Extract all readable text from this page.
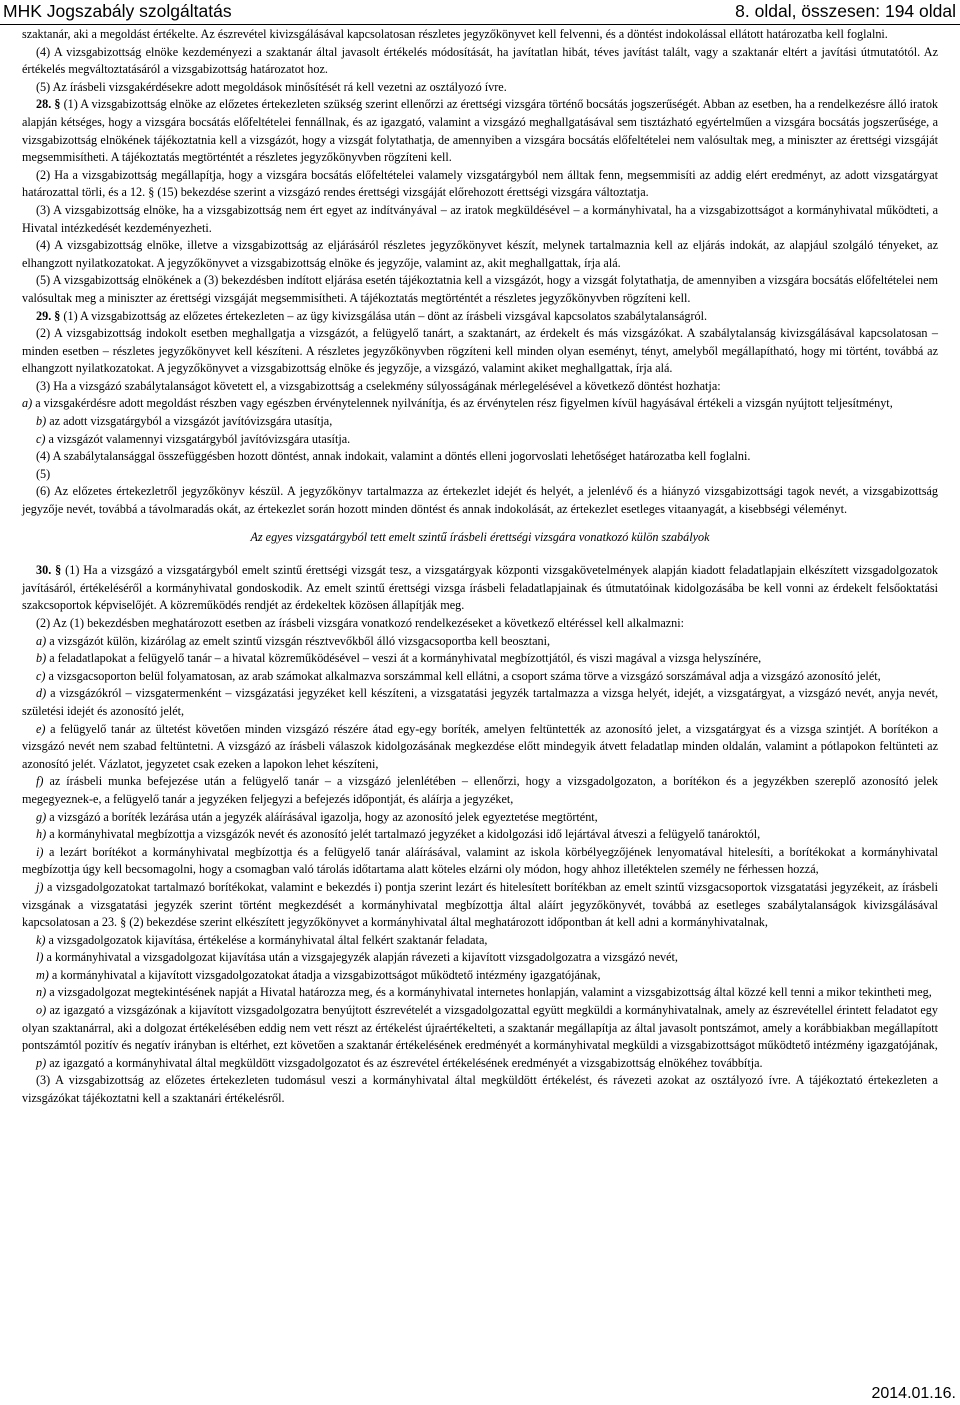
MHK Jogszabály szolgáltatás	8. oldal, összesen: 194 oldal

szaktanár, aki a megoldást értékelte. Az észrevétel kivizsgálásával kapcsolatosan részletes jegyzőkönyvet kell felvenni, és a döntést indokolással ellátott határozatba kell foglalni.

(4) A vizsgabizottság elnöke kezdeményezi a szaktanár által javasolt értékelés módosítását, ha javítatlan hibát, téves javítást talált, vagy a szaktanár eltért a javítási útmutatótól. Az értékelés megváltoztatásáról a vizsgabizottság határozatot hoz.

(5) Az írásbeli vizsgakérdésekre adott megoldások minősítését rá kell vezetni az osztályozó ívre.

28. § (1) A vizsgabizottság elnöke az előzetes értekezleten szükség szerint ellenőrzi az érettségi vizsgára történő bocsátás jogszerűségét. Abban az esetben, ha a rendelkezésre álló iratok alapján kétséges, hogy a vizsgára bocsátás előfeltételei fennállnak, és az igazgató, valamint a vizsgázó meghallgatásával sem tisztázható egyértelműen a vizsgára bocsátás jogszerűsége, a vizsgabizottság elnökének tájékoztatnia kell a vizsgázót, hogy a vizsgát folytathatja, de amennyiben a vizsgára bocsátás előfeltételei nem valósultak meg, a miniszter az érettségi vizsgáját megsemmisítheti. A tájékoztatás megtörténtét a részletes jegyzőkönyvben rögzíteni kell.

(2) Ha a vizsgabizottság megállapítja, hogy a vizsgára bocsátás előfeltételei valamely vizsgatárgyból nem álltak fenn, megsemmisíti az addig elért eredményt, az adott vizsgatárgyat határozattal törli, és a 12. § (15) bekezdése szerint a vizsgázó rendes érettségi vizsgáját előrehozott érettségi vizsgára változtatja.

(3) A vizsgabizottság elnöke, ha a vizsgabizottság nem ért egyet az indítványával – az iratok megküldésével – a kormányhivatal, ha a vizsgabizottságot a kormányhivatal működteti, a Hivatal intézkedését kezdeményezheti.

(4) A vizsgabizottság elnöke, illetve a vizsgabizottság az eljárásáról részletes jegyzőkönyvet készít, melynek tartalmaznia kell az eljárás indokát, az alapjául szolgáló tényeket, az elhangzott nyilatkozatokat. A jegyzőkönyvet a vizsgabizottság elnöke és jegyzője, valamint az, akit meghallgattak, írja alá.

(5) A vizsgabizottság elnökének a (3) bekezdésben indított eljárása esetén tájékoztatnia kell a vizsgázót, hogy a vizsgát folytathatja, de amennyiben a vizsgára bocsátás előfeltételei nem valósultak meg a miniszter az érettségi vizsgáját megsemmisítheti. A tájékoztatás megtörténtét a részletes jegyzőkönyvben rögzíteni kell.

29. § (1) A vizsgabizottság az előzetes értekezleten – az ügy kivizsgálása után – dönt az írásbeli vizsgával kapcsolatos szabálytalanságról.

(2) A vizsgabizottság indokolt esetben meghallgatja a vizsgázót, a felügyelő tanárt, a szaktanárt, az érdekelt és más vizsgázókat. A szabálytalanság kivizsgálásával kapcsolatosan – minden esetben – részletes jegyzőkönyvet kell készíteni. A részletes jegyzőkönyvben rögzíteni kell minden olyan eseményt, tényt, amelyből megállapítható, hogy mi történt, továbbá az elhangzott nyilatkozatokat. A jegyzőkönyvet a vizsgabizottság elnöke és jegyzője, a vizsgázó, valamint akiket meghallgattak, írja alá.

(3) Ha a vizsgázó szabálytalanságot követett el, a vizsgabizottság a cselekmény súlyosságának mérlegelésével a következő döntést hozhatja:

a) a vizsgakérdésre adott megoldást részben vagy egészben érvénytelennek nyilvánítja, és az érvénytelen rész figyelmen kívül hagyásával értékeli a vizsgán nyújtott teljesítményt,

b) az adott vizsgatárgyból a vizsgázót javítóvizsgára utasítja,

c) a vizsgázót valamennyi vizsgatárgyból javítóvizsgára utasítja.

(4) A szabálytalansággal összefüggésben hozott döntést, annak indokait, valamint a döntés elleni jogorvoslati lehetőséget határozatba kell foglalni.

(5)

(6) Az előzetes értekezletről jegyzőkönyv készül. A jegyzőkönyv tartalmazza az értekezlet idejét és helyét, a jelenlévő és a hiányzó vizsgabizottsági tagok nevét, a vizsgabizottság jegyzője nevét, továbbá a távolmaradás okát, az értekezlet során hozott minden döntést és annak indokolását, az értekezlet esetleges vitaanyagát, a kisebbségi véleményt.

Az egyes vizsgatárgyból tett emelt szintű írásbeli érettségi vizsgára vonatkozó külön szabályok

30. § (1) Ha a vizsgázó a vizsgatárgyból emelt szintű érettségi vizsgát tesz, a vizsgatárgyak központi vizsgakövetelmények alapján kiadott feladatlapjain elkészített vizsgadolgozatok javításáról, értékeléséről a kormányhivatal gondoskodik. Az emelt szintű érettségi vizsga írásbeli feladatlapjainak és útmutatóinak kidolgozásába be kell vonni az érdekelt felsőoktatási szakcsoportok képviselőjét. A közreműködés rendjét az érdekeltek közösen állapítják meg.

(2) Az (1) bekezdésben meghatározott esetben az írásbeli vizsgára vonatkozó rendelkezéseket a következő eltéréssel kell alkalmazni:

a) a vizsgázót külön, kizárólag az emelt szintű vizsgán résztvevőkből álló vizsgacsoportba kell beosztani,

b) a feladatlapokat a felügyelő tanár – a hivatal közreműködésével – veszi át a kormányhivatal megbízottjától, és viszi magával a vizsga helyszínére,

c) a vizsgacsoporton belül folyamatosan, az arab számokat alkalmazva sorszámmal kell ellátni, a csoport száma törve a vizsgázó sorszámával adja a vizsgázó azonosító jelét,

d) a vizsgázókról – vizsgatermenként – vizsgázatási jegyzéket kell készíteni, a vizsgatatási jegyzék tartalmazza a vizsga helyét, idejét, a vizsgatárgyat, a vizsgázó nevét, anyja nevét, születési idejét és azonosító jelét,

e) a felügyelő tanár az ültetést követően minden vizsgázó részére átad egy-egy boríték, amelyen feltüntették az azonosító jelet, a vizsgatárgyat és a vizsga szintjét. A borítékon a vizsgázó nevét nem szabad feltüntetni. A vizsgázó az írásbeli válaszok kidolgozásának megkezdése előtt mindegyik átvett feladatlap minden oldalán, valamint a pótlapokon feltünteti az azonosító jelét. Vázlatot, jegyzetet csak ezeken a lapokon lehet készíteni,

f) az írásbeli munka befejezése után a felügyelő tanár – a vizsgázó jelenlétében – ellenőrzi, hogy a vizsgadolgozaton, a borítékon és a jegyzékben szereplő azonosító jelek megegyeznek-e, a felügyelő tanár a jegyzéken feljegyzi a befejezés időpontját, és aláírja a jegyzéket,

g) a vizsgázó a boríték lezárása után a jegyzék aláírásával igazolja, hogy az azonosító jelek egyeztetése megtörtént,

h) a kormányhivatal megbízottja a vizsgázók nevét és azonosító jelét tartalmazó jegyzéket a kidolgozási idő lejártával átveszi a felügyelő tanároktól,

i) a lezárt borítékot a kormányhivatal megbízottja és a felügyelő tanár aláírásával, valamint az iskola körbélyegzőjének lenyomatával hitelesíti, a borítékokat a kormányhivatal megbízottja úgy kell becsomagolni, hogy a csomagban való tárolás időtartama alatt köteles elzárni oly módon, hogy ahhoz illetéktelen személy ne férhessen hozzá,

j) a vizsgadolgozatokat tartalmazó borítékokat, valamint e bekezdés i) pontja szerint lezárt és hitelesített borítékban az emelt szintű vizsgacsoportok vizsgatatási jegyzékeit, az írásbeli vizsgának a vizsgatatási jegyzék szerint történt megkezdését a kormányhivatal megbízottja által aláírt jegyzőkönyvét, továbbá az esetleges szabálytalanságok kivizsgálásával kapcsolatosan a 23. § (2) bekezdése szerint elkészített jegyzőkönyvet a kormányhivatal által meghatározott időpontban át kell adni a kormányhivatalnak,

k) a vizsgadolgozatok kijavítása, értékelése a kormányhivatal által felkért szaktanár feladata,

l) a kormányhivatal a vizsgadolgozat kijavítása után a vizsgajegyzék alapján rávezeti a kijavított vizsgadolgozatra a vizsgázó nevét,

m) a kormányhivatal a kijavított vizsgadolgozatokat átadja a vizsgabizottságot működtető intézmény igazgatójának,

n) a vizsgadolgozat megtekintésének napját a Hivatal határozza meg, és a kormányhivatal internetes honlapján, valamint a vizsgabizottság által közzé kell tenni a mikor tekintheti meg,

o) az igazgató a vizsgázónak a kijavított vizsgadolgozatra benyújtott észrevételét a vizsgadolgozattal együtt megküldi a kormányhivatalnak, amely az észrevétellel érintett feladatot egy olyan szaktanárral, aki a dolgozat értékelésében eddig nem vett részt az értékelést újraértékelteti, a szaktanár megállapítja az által javasolt pontszámot, amely a korábbiakban megállapított pontszámtól pozitív és negatív irányban is eltérhet, ezt követően a szaktanár értékelésének eredményét a kormányhivatal megküldi a vizsgabizottságot működtető intézmény igazgatójának,

p) az igazgató a kormányhivatal által megküldött vizsgadolgozatot és az észrevétel értékelésének eredményét a vizsgabizottság elnökéhez továbbítja.

(3) A vizsgabizottság az előzetes értekezleten tudomásul veszi a kormányhivatal által megküldött értékelést, és rávezeti azokat az osztályozó ívre. A tájékoztató értekezleten a vizsgázókat tájékoztatni kell a szaktanári értékelésről.

2014.01.16.
